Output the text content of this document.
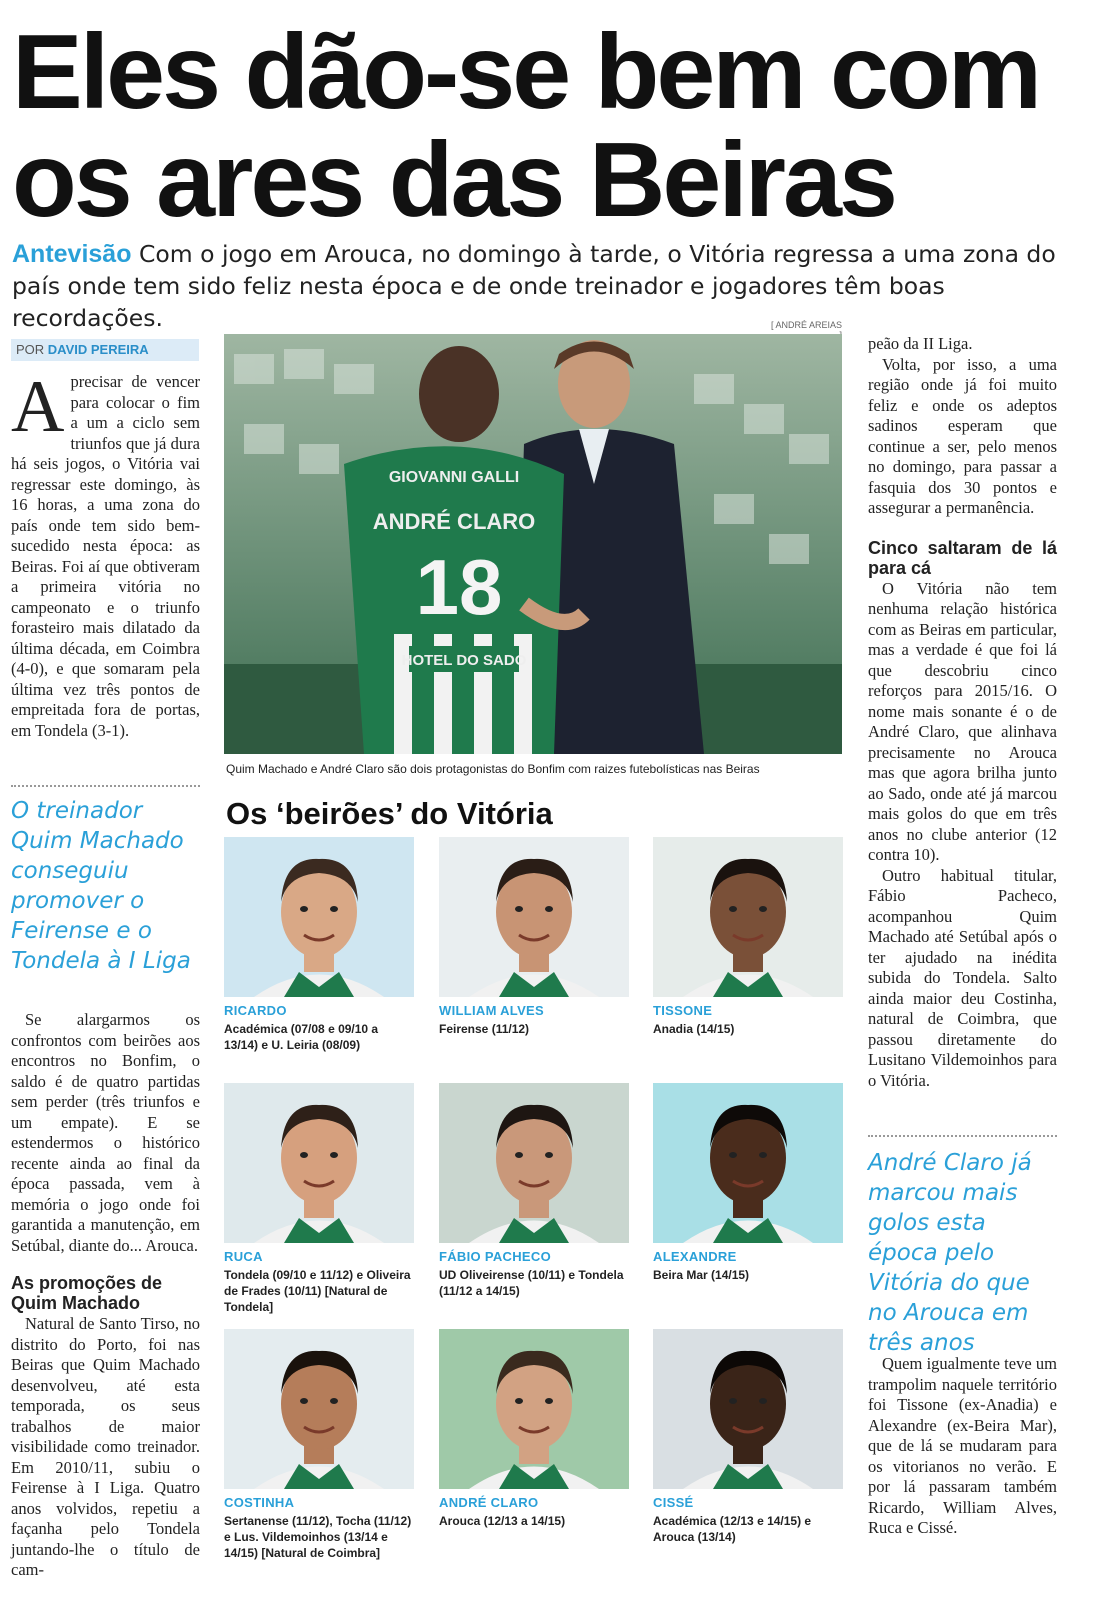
Eles dão-se bem com
os ares das Beiras
Antevisão Com o jogo em Arouca, no domingo à tarde, o Vitória regressa a uma zona do país onde tem sido feliz nesta época e de onde treinador e jogadores têm boas recordações.
POR DAVID PEREIRA

Aprecisar de vencer para colocar o fim a um a ciclo sem triunfos que já dura há seis jogos, o Vitória vai regressar este domingo, às 16 horas, a uma zona do país onde tem sido bem-sucedido nesta época: as Beiras. Foi aí que obtiveram a primeira vitória no campeonato e o triunfo forasteiro mais dilatado da última década, em Coimbra (4-0), e que somaram pela última vez três pontos de empreitada fora de portas, em Tondela (3-1).

O treinador Quim Machado conseguiu promover o Feirense e o Tondela à I Liga

Se alargarmos os confrontos com beirões aos encontros no Bonfim, o saldo é de quatro partidas sem perder (três triunfos e um empate). E se estendermos o histórico recente ainda ao final da época passada, vem à memória o jogo onde foi garantida a manutenção, em Setúbal, diante do... Arouca.

As promoções de Quim Machado

Natural de Santo Tirso, no distrito do Porto, foi nas Beiras que Quim Machado desenvolveu, até esta temporada, os seus trabalhos de maior visibilidade como treinador. Em 2010/11, subiu o Feirense à I Liga. Quatro anos volvidos, repetiu a façanha pelo Tondela juntando-lhe o título de cam-

[ ANDRÉ AREIAS
GIOVANNI GALLI
ANDRÉ CLARO
18
HOTEL DO SADO
Quim Machado e André Claro são dois protagonistas do Bonfim com raizes futebolísticas nas Beiras
Os ‘beirões’ do Vitória
RICARDO
Académica (07/08 e 09/10 a 13/14) e U. Leiria (08/09)
WILLIAM ALVES
Feirense (11/12)
TISSONE
Anadia (14/15)
RUCA
Tondela (09/10 e 11/12) e Oliveira de Frades (10/11) [Natural de Tondela]
FÁBIO PACHECO
UD Oliveirense (10/11) e Tondela (11/12 a 14/15)
ALEXANDRE
Beira Mar (14/15)
COSTINHA
Sertanense (11/12), Tocha (11/12) e Lus. Vildemoinhos (13/14 e 14/15) [Natural de Coimbra]
ANDRÉ CLARO
Arouca (12/13 a 14/15)
CISSÉ
Académica (12/13 e 14/15) e Arouca (13/14)

peão da II Liga.

Volta, por isso, a uma região onde já foi muito feliz e onde os adeptos sadinos esperam que continue a ser, pelo menos no domingo, para passar a fasquia dos 30 pontos e assegurar a permanência.

Cinco saltaram de lá para cá

O Vitória não tem nenhuma relação histórica com as Beiras em particular, mas a verdade é que foi lá que descobriu cinco reforços para 2015/16. O nome mais sonante é o de André Claro, que alinhava precisamente no Arouca mas que agora brilha junto ao Sado, onde até já marcou mais golos do que em três anos no clube anterior (12 contra 10).

Outro habitual titular, Fábio Pacheco, acompanhou Quim Machado até Setúbal após o ter ajudado na inédita subida do Tondela. Salto ainda maior deu Costinha, natural de Coimbra, que passou diretamente do Lusitano Vildemoinhos para o Vitória.

André Claro já marcou mais golos esta época pelo Vitória do que no Arouca em três anos

Quem igualmente teve um trampolim naquele território foi Tissone (ex-Anadia) e Alexandre (ex-Beira Mar), que de lá se mudaram para os vitorianos no verão. E por lá passaram também Ricardo, William Alves, Ruca e Cissé.
